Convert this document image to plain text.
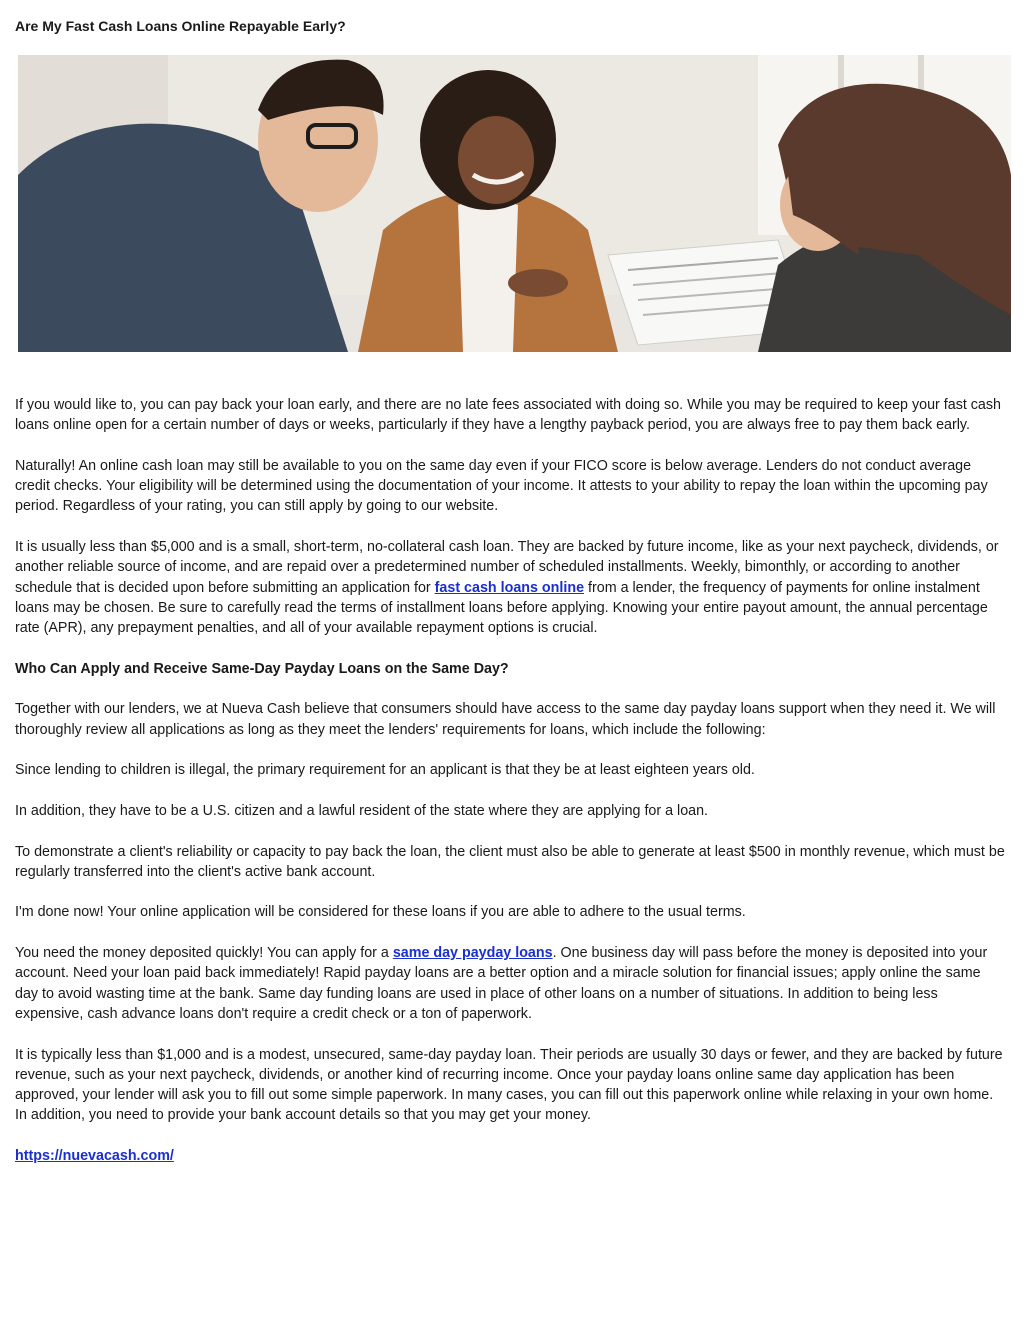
Are My Fast Cash Loans Online Repayable Early?

If you would like to, you can pay back your loan early, and there are no late fees associated with doing so. While you may be required to keep your fast cash loans online open for a certain number of days or weeks, particularly if they have a lengthy payback period, you are always free to pay them back early.

Naturally! An online cash loan may still be available to you on the same day even if your FICO score is below average. Lenders do not conduct average credit checks. Your eligibility will be determined using the documentation of your income. It attests to your ability to repay the loan within the upcoming pay period. Regardless of your rating, you can still apply by going to our website.

It is usually less than $5,000 and is a small, short-term, no-collateral cash loan. They are backed by future income, like as your next paycheck, dividends, or another reliable source of income, and are repaid over a predetermined number of scheduled installments. Weekly, bimonthly, or according to another schedule that is decided upon before submitting an application for fast cash loans online from a lender, the frequency of payments for online instalment loans may be chosen. Be sure to carefully read the terms of installment loans before applying. Knowing your entire payout amount, the annual percentage rate (APR), any prepayment penalties, and all of your available repayment options is crucial.

Who Can Apply and Receive Same-Day Payday Loans on the Same Day?

Together with our lenders, we at Nueva Cash believe that consumers should have access to the same day payday loans support when they need it. We will thoroughly review all applications as long as they meet the lenders' requirements for loans, which include the following:

Since lending to children is illegal, the primary requirement for an applicant is that they be at least eighteen years old.

In addition, they have to be a U.S. citizen and a lawful resident of the state where they are applying for a loan.

To demonstrate a client's reliability or capacity to pay back the loan, the client must also be able to generate at least $500 in monthly revenue, which must be regularly transferred into the client's active bank account.

I'm done now! Your online application will be considered for these loans if you are able to adhere to the usual terms.

You need the money deposited quickly! You can apply for a same day payday loans. One business day will pass before the money is deposited into your account. Need your loan paid back immediately! Rapid payday loans are a better option and a miracle solution for financial issues; apply online the same day to avoid wasting time at the bank. Same day funding loans are used in place of other loans on a number of situations. In addition to being less expensive, cash advance loans don't require a credit check or a ton of paperwork.

It is typically less than $1,000 and is a modest, unsecured, same-day payday loan. Their periods are usually 30 days or fewer, and they are backed by future revenue, such as your next paycheck, dividends, or another kind of recurring income. Once your payday loans online same day application has been approved, your lender will ask you to fill out some simple paperwork. In many cases, you can fill out this paperwork online while relaxing in your own home. In addition, you need to provide your bank account details so that you may get your money.

https://nuevacash.com/
